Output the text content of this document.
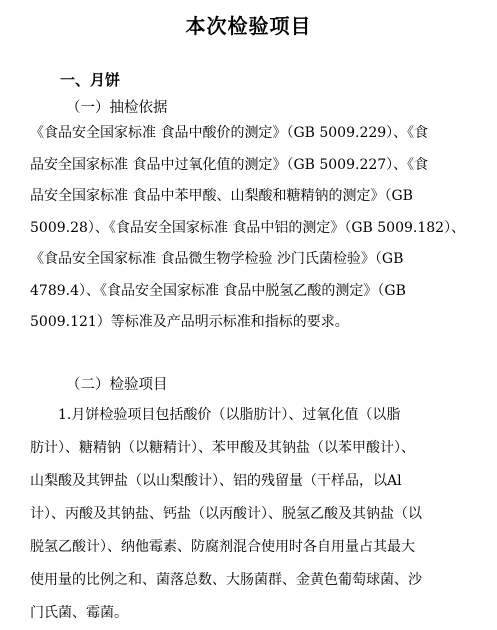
本次检验项目
一、月饼
（一）抽检依据
《食品安全国家标准 食品中酸价的测定》（GB 5009.229）、《食
品安全国家标准 食品中过氧化值的测定》（GB 5009.227）、《食
品安全国家标准 食品中苯甲酸、山梨酸和糖精钠的测定》（GB
5009.28）、《食品安全国家标准 食品中铝的测定》（GB 5009.182）、
《食品安全国家标准 食品微生物学检验 沙门氏菌检验》（GB
4789.4）、《食品安全国家标准 食品中脱氢乙酸的测定》（GB
5009.121）等标准及产品明示标准和指标的要求。
（二）检验项目
　　1.月饼检验项目包括酸价（以脂肪计）、过氧化值（以脂
肪计）、糖精钠（以糖精计）、苯甲酸及其钠盐（以苯甲酸计）、
山梨酸及其钾盐（以山梨酸计）、铝的残留量（干样品，以Al
计）、丙酸及其钠盐、钙盐（以丙酸计）、脱氢乙酸及其钠盐（以
脱氢乙酸计）、纳他霉素、防腐剂混合使用时各自用量占其最大
使用量的比例之和、菌落总数、大肠菌群、金黄色葡萄球菌、沙
门氏菌、霉菌。
